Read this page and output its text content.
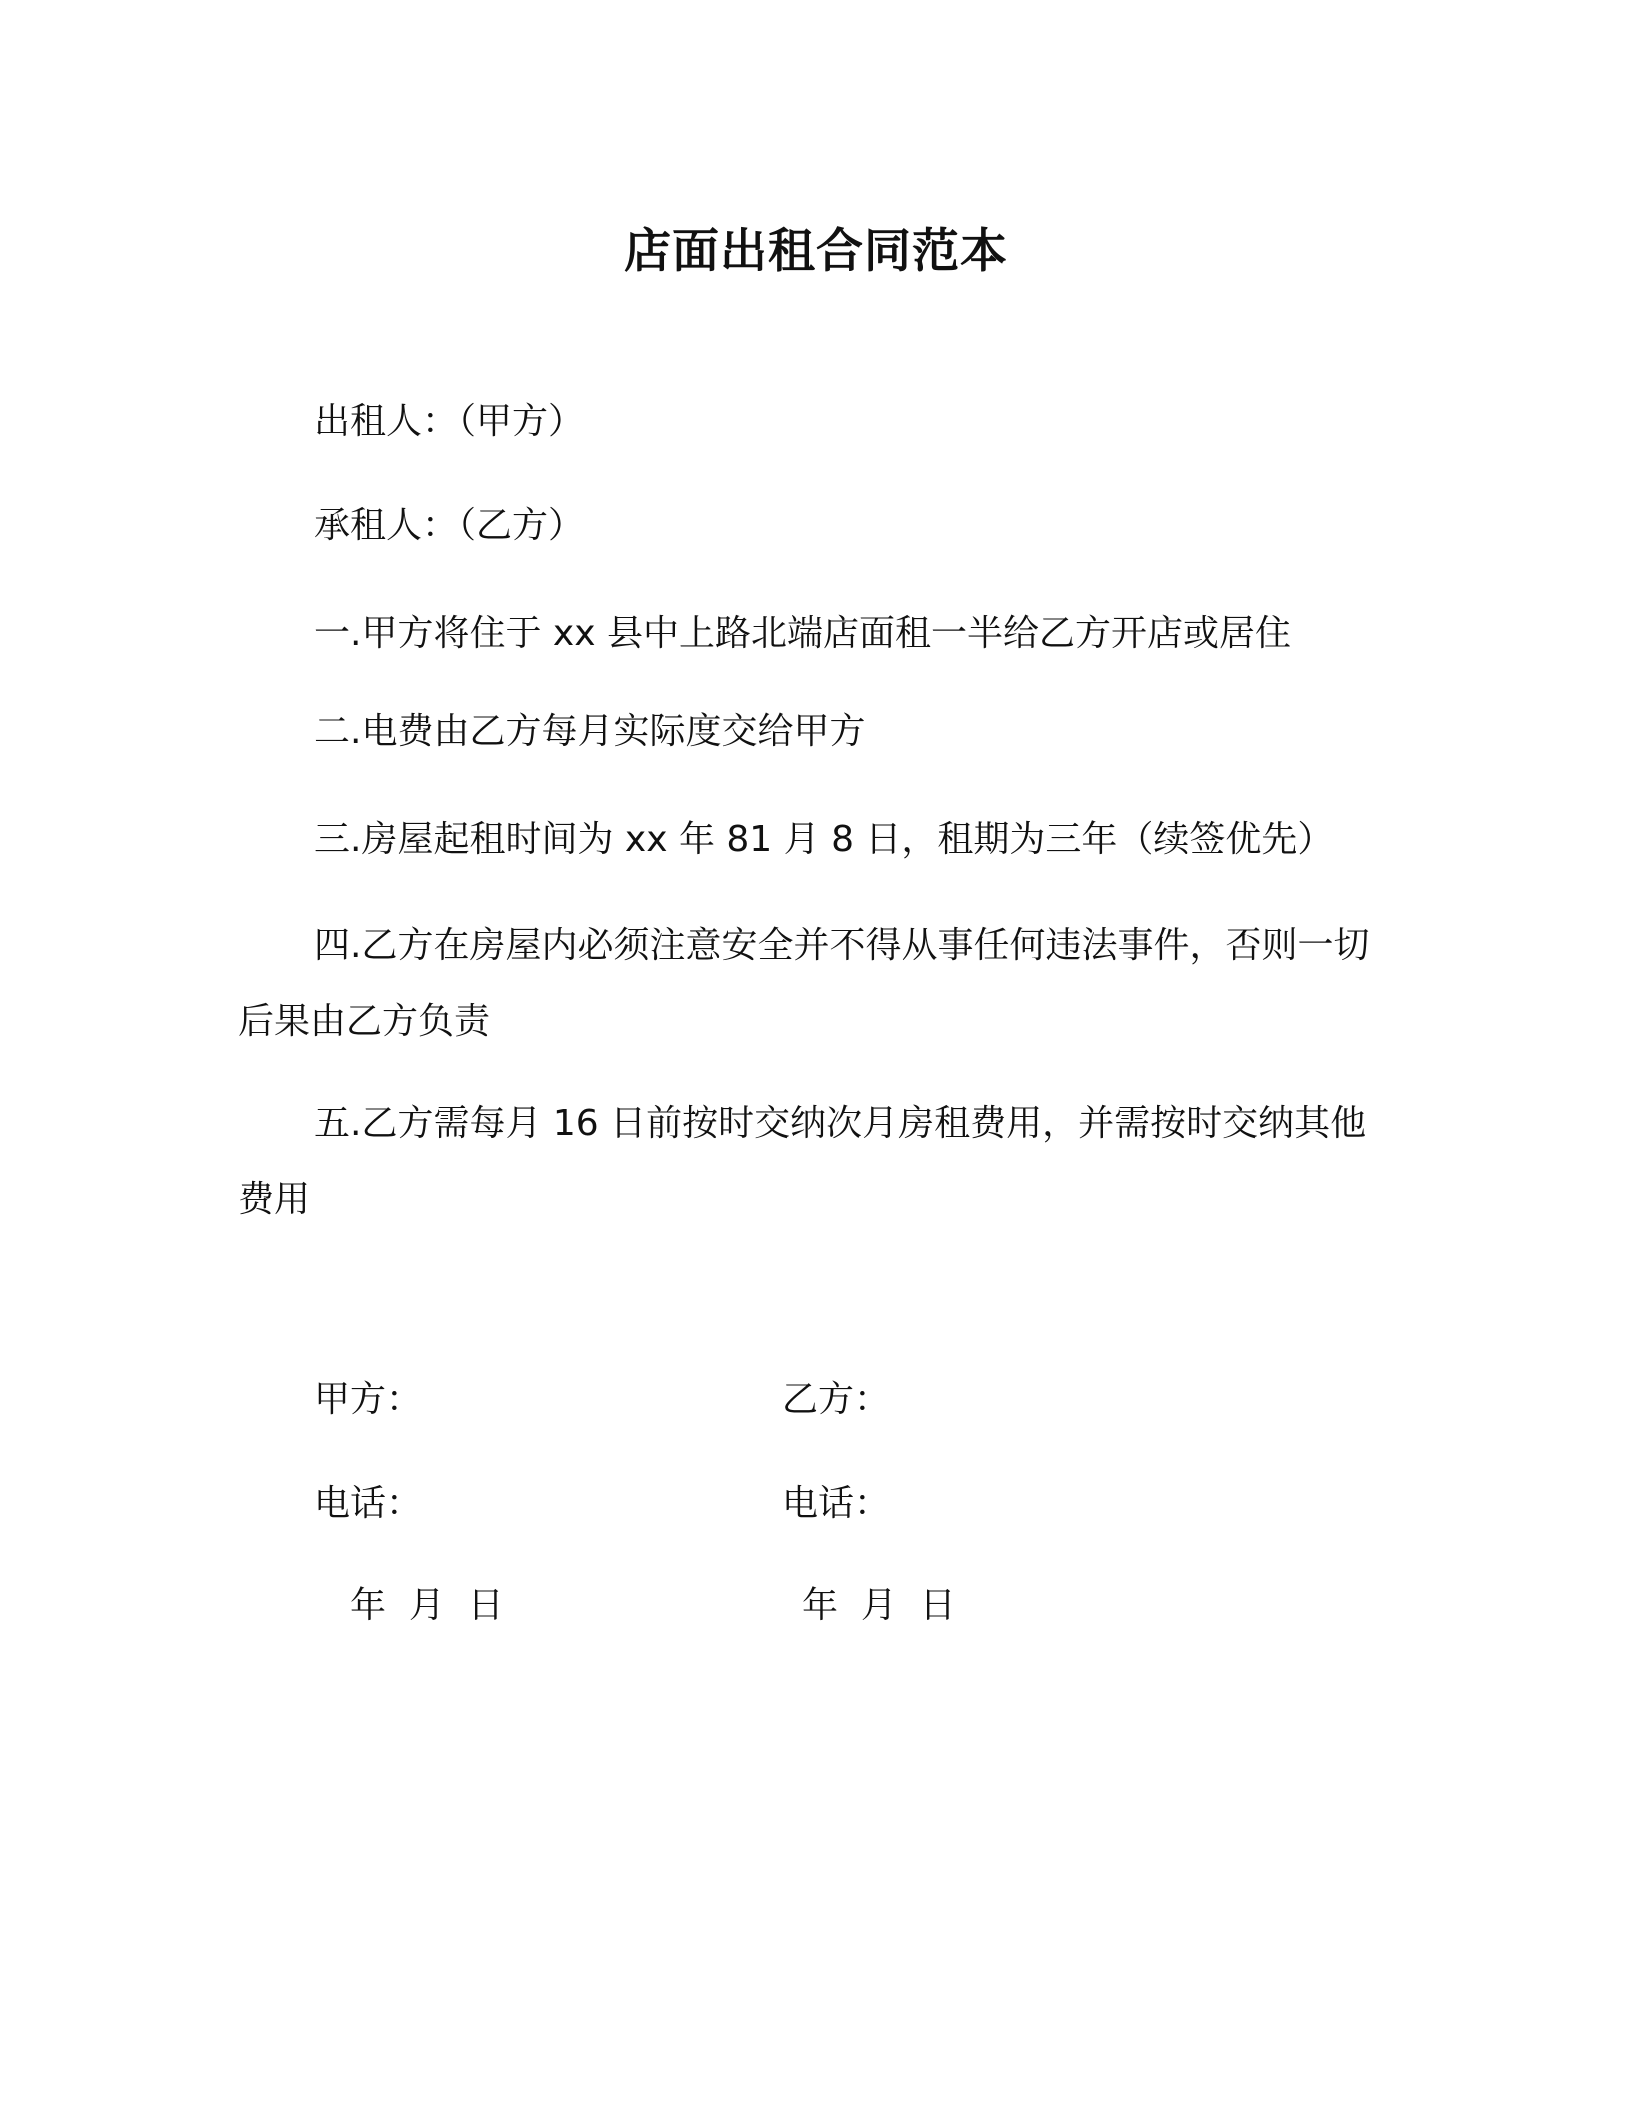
店面出租合同范本
出租人：（甲方）
承租人：（乙方）
一.甲方将住于 xx 县中上路北端店面租一半给乙方开店或居住
二.电费由乙方每月实际度交给甲方
三.房屋起租时间为 xx 年 81 月 8 日，租期为三年（续签优先）
四.乙方在房屋内必须注意安全并不得从事任何违法事件，否则一切后果由乙方负责
五.乙方需每月 16 日前按时交纳次月房租费用，并需按时交纳其他费用
甲方：	乙方：
电话：	电话：
年  月  日	年  月  日
